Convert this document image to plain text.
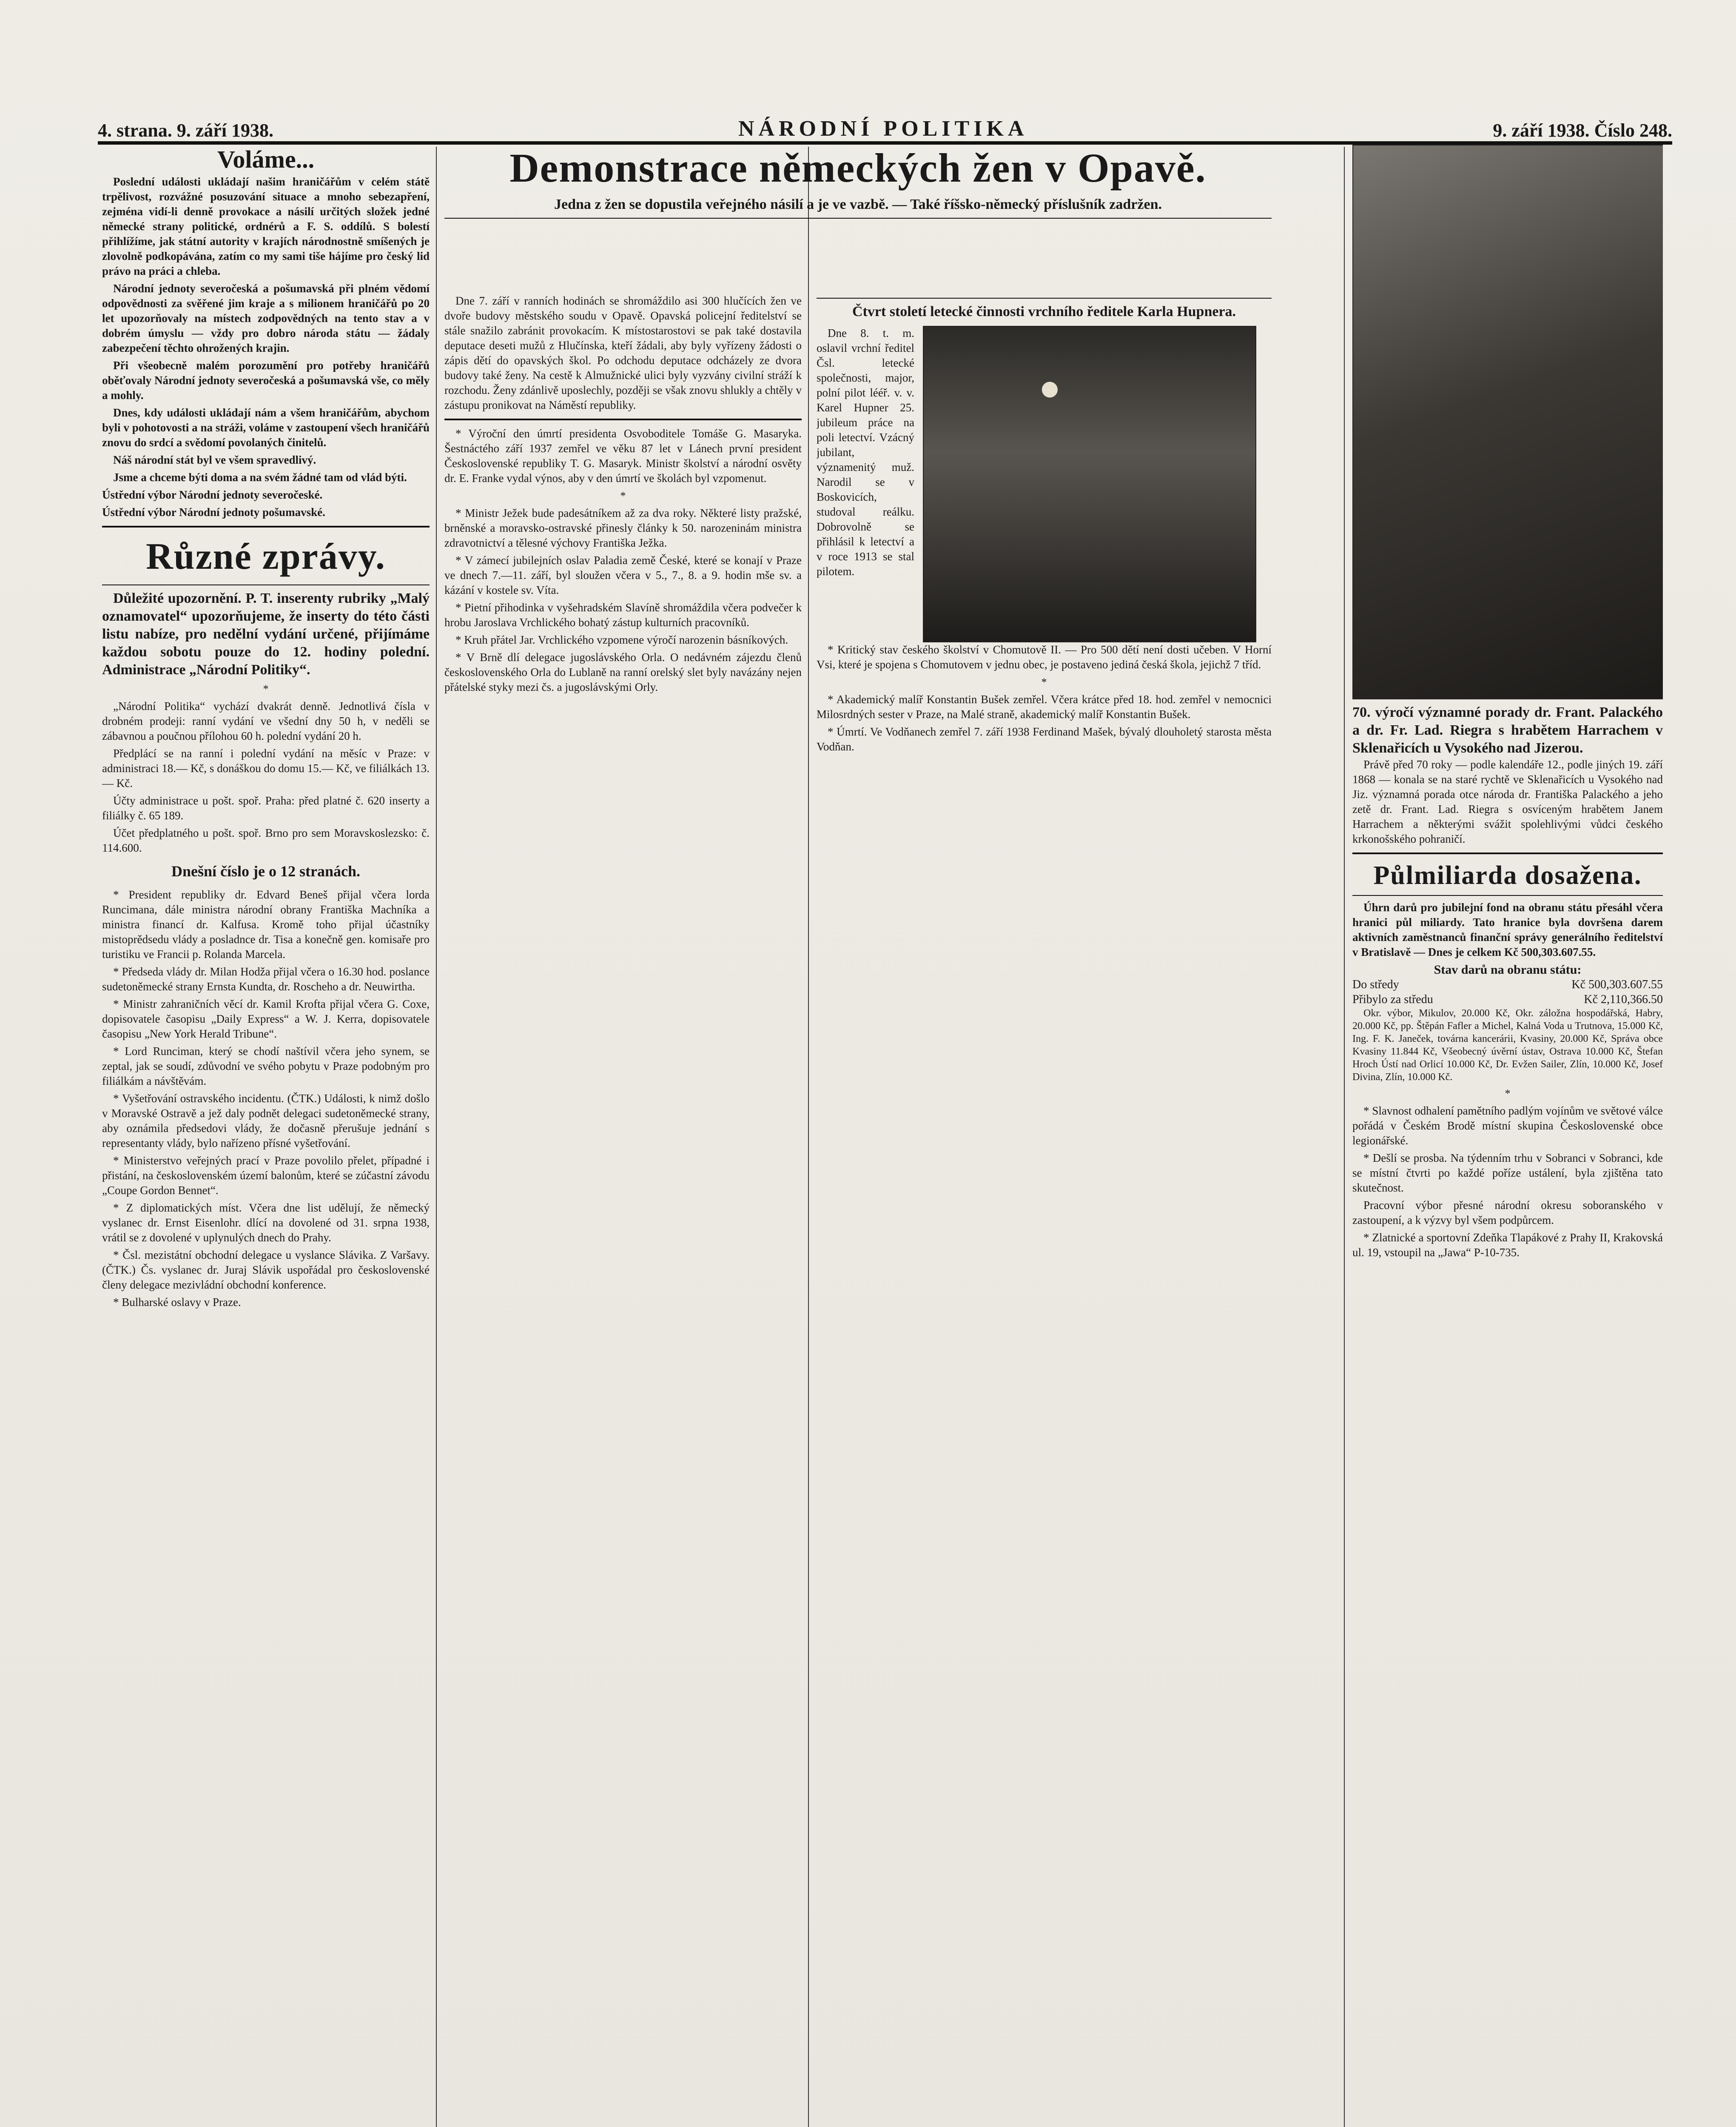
4. strana. 9. září 1938.	NÁRODNÍ POLITIKA	9. září 1938. Číslo 248.
Voláme...

Poslední události ukládají našim hraničářům v celém státě trpělivost, rozvážné posuzování situace a mnoho sebezapření, zejména vidí-li denně provokace a násilí určitých složek jedné německé strany politické, ordnérů a F. S. oddílů. S bolestí přihlížíme, jak státní autority v krajích národnostně smíšených je zlovolně podkopávána, zatím co my sami tiše hájíme pro český lid právo na práci a chleba.

Národní jednoty severočeská a pošumavská při plném vědomí odpovědnosti za svěřené jim kraje a s milionem hraničářů po 20 let upozorňovaly na místech zodpovědných na tento stav a v dobrém úmyslu — vždy pro dobro národa státu — žádaly zabezpečení těchto ohrožených krajin.

Při všeobecně malém porozumění pro potřeby hraničářů oběťovaly Národní jednoty severočeská a pošumavská vše, co měly a mohly.

Dnes, kdy události ukládají nám a všem hraničářům, abychom byli v pohotovosti a na stráži, voláme v zastoupení všech hraničářů znovu do srdcí a svědomí povolaných činitelů.

Náš národní stát byl ve všem spravedlivý.

Jsme a chceme býti doma a na svém žádné tam od vlád býti.

Ústřední výbor Národní jednoty severočeské.

Ústřední výbor Národní jednoty pošumavské.

Různé zprávy.

Důležité upozornění. P. T. inserenty rubriky „Malý oznamovatel“ upozorňujeme, že inserty do této části listu nabíze, pro nedělní vydání určené, přijímáme každou sobotu pouze do 12. hodiny polední. Administrace „Národní Politiky“.

*

„Národní Politika“ vychází dvakrát denně. Jednotlivá čísla v drobném prodeji: ranní vydání ve všední dny 50 h, v neděli se zábavnou a poučnou přílohou 60 h. polední vydání 20 h.

Předplácí se na ranní i polední vydání na měsíc v Praze: v administraci 18.— Kč, s donáškou do domu 15.— Kč, ve filiálkách 13.— Kč.

Účty administrace u pošt. spoř. Praha: před platné č. 620 inserty a filiálky č. 65 189.

Účet předplatného u pošt. spoř. Brno pro sem Moravskoslezsko: č. 114.600.

Dnešní číslo je o 12 stranách.

* President republiky dr. Edvard Beneš přijal včera lorda Runcimana, dále ministra národní obrany Františka Machníka a ministra financí dr. Kalfusa. Kromě toho přijal účastníky mistoprědsedu vlády a posladnce dr. Tisa a konečně gen. komisaře pro turistiku ve Francii p. Rolanda Marcela.

* Předseda vlády dr. Milan Hodža přijal včera o 16.30 hod. poslance sudetoněmecké strany Ernsta Kundta, dr. Roscheho a dr. Neuwirtha.

* Ministr zahraničních věcí dr. Kamil Krofta přijal včera G. Coxe, dopisovatele časopisu „Daily Express“ a W. J. Kerra, dopisovatele časopisu „New York Herald Tribune“.

* Lord Runciman, který se chodí naštívil včera jeho synem, se zeptal, jak se soudí, zdůvodní ve svého pobytu v Praze podobným pro filiálkám a návštěvám.

* Vyšetřování ostravského incidentu. (ČTK.) Události, k nimž došlo v Moravské Ostravě a jež daly podnět delegaci sudetoněmecké strany, aby oznámila předsedovi vlády, že dočasně přerušuje jednání s representanty vlády, bylo nařízeno přísné vyšetřování.

* Ministerstvo veřejných prací v Praze povolilo přelet, případné i přistání, na československém území balonům, které se zúčastní závodu „Coupe Gordon Bennet“.

* Z diplomatických míst. Včera dne list udělují, že německý vyslanec dr. Ernst Eisenlohr. dlící na dovolené od 31. srpna 1938, vrátil se z dovolené v uplynulých dnech do Prahy.

* Čsl. mezistátní obchodní delegace u vyslance Slávika. Z Varšavy. (ČTK.) Čs. vyslanec dr. Juraj Slávik uspořádal pro československé členy delegace mezivládní obchodní konference.

* Bulharské oslavy v Praze.

Demonstrace německých žen v Opavě.
Jedna z žen se dopustila veřejného násilí a je ve vazbě. — Také říšsko-německý příslušník zadržen.

Dne 7. září v ranních hodinách se shromáždilo asi 300 hlučících žen ve dvoře budovy městského soudu v Opavě. Opavská policejní ředitelství se stále snažilo zabránit provokacím. K místostarostovi se pak také dostavila deputace deseti mužů z Hlučínska, kteří žádali, aby byly vyřízeny žádosti o zápis dětí do opavských škol. Po odchodu deputace odcházely ze dvora budovy také ženy. Na cestě k Almužnické ulici byly vyzvány civilní stráží k rozchodu. Ženy zdánlivě uposlechly, později se však znovu shlukly a chtěly v zástupu pronikovat na Náměstí republiky.

* Výroční den úmrtí presidenta Osvoboditele Tomáše G. Masaryka. Šestnáctého září 1937 zemřel ve věku 87 let v Lánech první president Československé republiky T. G. Masaryk. Ministr školství a národní osvěty dr. E. Franke vydal výnos, aby v den úmrtí ve školách byl vzpomenut.

*

* Ministr Ježek bude padesátníkem až za dva roky. Některé listy pražské, brněnské a moravsko-ostravské přinesly články k 50. narozeninám ministra zdravotnictví a tělesné výchovy Františka Ježka.

* V zámecí jubilejních oslav Paladia země České, které se konají v Praze ve dnech 7.—11. září, byl sloužen včera v 5., 7., 8. a 9. hodin mše sv. a kázání v kostele sv. Víta.

* Pietní přihodinka v vyšehradském Slavíně shromáždila včera podvečer k hrobu Jaroslava Vrchlického bohatý zástup kulturních pracovníků.

* Kruh přátel Jar. Vrchlického vzpomene výročí narozenin básníkových.

* V Brně dlí delegace jugoslávského Orla. O nedávném zájezdu členů československého Orla do Lublaně na ranní orelský slet byly navázány nejen přátelské styky mezi čs. a jugoslávskými Orly.

Čtvrt století letecké činnosti vrchního ředitele Karla Hupnera.

Dne 8. t. m. oslavil vrchní ředitel Čsl. letecké společnosti, major, polní pilot lééř. v. v. Karel Hupner 25. jubileum práce na poli letectví. Vzácný jubilant, významenitý muž. Narodil se v Boskovicích, studoval reálku. Dobrovolně se přihlásil k letectví a v roce 1913 se stal pilotem.

* Kritický stav českého školství v Chomutově II. — Pro 500 dětí není dosti učeben. V Horní Vsi, které je spojena s Chomutovem v jednu obec, je postaveno jediná česká škola, jejichž 7 tříd.

*

* Akademický malíř Konstantin Bušek zemřel. Včera krátce před 18. hod. zemřel v nemocnici Milosrdných sester v Praze, na Malé straně, akademický malíř Konstantin Bušek.

* Úmrtí. Ve Vodňanech zemřel 7. září 1938 Ferdinand Mašek, bývalý dlouholetý starosta města Vodňan.

70. výročí významné porady dr. Frant. Palackého a dr. Fr. Lad. Riegra s hrabětem Harrachem v Sklenařicích u Vysokého nad Jizerou.

Právě před 70 roky — podle kalendáře 12., podle jiných 19. září 1868 — konala se na staré rychtě ve Sklenařicích u Vysokého nad Jiz. významná porada otce národa dr. Františka Palackého a jeho zetě dr. Frant. Lad. Riegra s osvíceným hrabětem Janem Harrachem a některými svážit spolehlivými vůdci českého krkonošského pohraničí.

Půlmiliarda dosažena.

Úhrn darů pro jubilejní fond na obranu státu přesáhl včera hranici půl miliardy. Tato hranice byla dovršena darem aktivních zaměstnanců finanční správy generálního ředitelství v Bratislavě — Dnes je celkem Kč 500,303.607.55.

Stav darů na obranu státu:
Do středy	Kč 500,303.607.55
Přibylo za středu	Kč 2,110,366.50

Okr. výbor, Mikulov, 20.000 Kč, Okr. záložna hospodářská, Habry, 20.000 Kč, pp. Štěpán Fafler a Michel, Kalná Voda u Trutnova, 15.000 Kč, Ing. F. K. Janeček, továrna kancerárii, Kvasiny, 20.000 Kč, Správa obce Kvasiny 11.844 Kč, Všeobecný úvěrní ústav, Ostrava 10.000 Kč, Štefan Hroch Ústí nad Orlicí 10.000 Kč, Dr. Evžen Sailer, Zlín, 10.000 Kč, Josef Divina, Zlín, 10.000 Kč.

*

* Slavnost odhalení pamětního padlým vojínům ve světové válce pořádá v Českém Brodě místní skupina Československé obce legionářské.

* Dešlí se prosba. Na týdenním trhu v Sobranci v Sobranci, kde se místní čtvrti po každé poříze ustálení, byla zjištěna tato skutečnost.

Pracovní výbor přesné národní okresu soboranského v zastoupení, a k výzvy byl všem podpůrcem.

* Zlatnické a sportovní Zdeňka Tlapákové z Prahy II, Krakovská ul. 19, vstoupil na „Jawa“ P-10-735.
